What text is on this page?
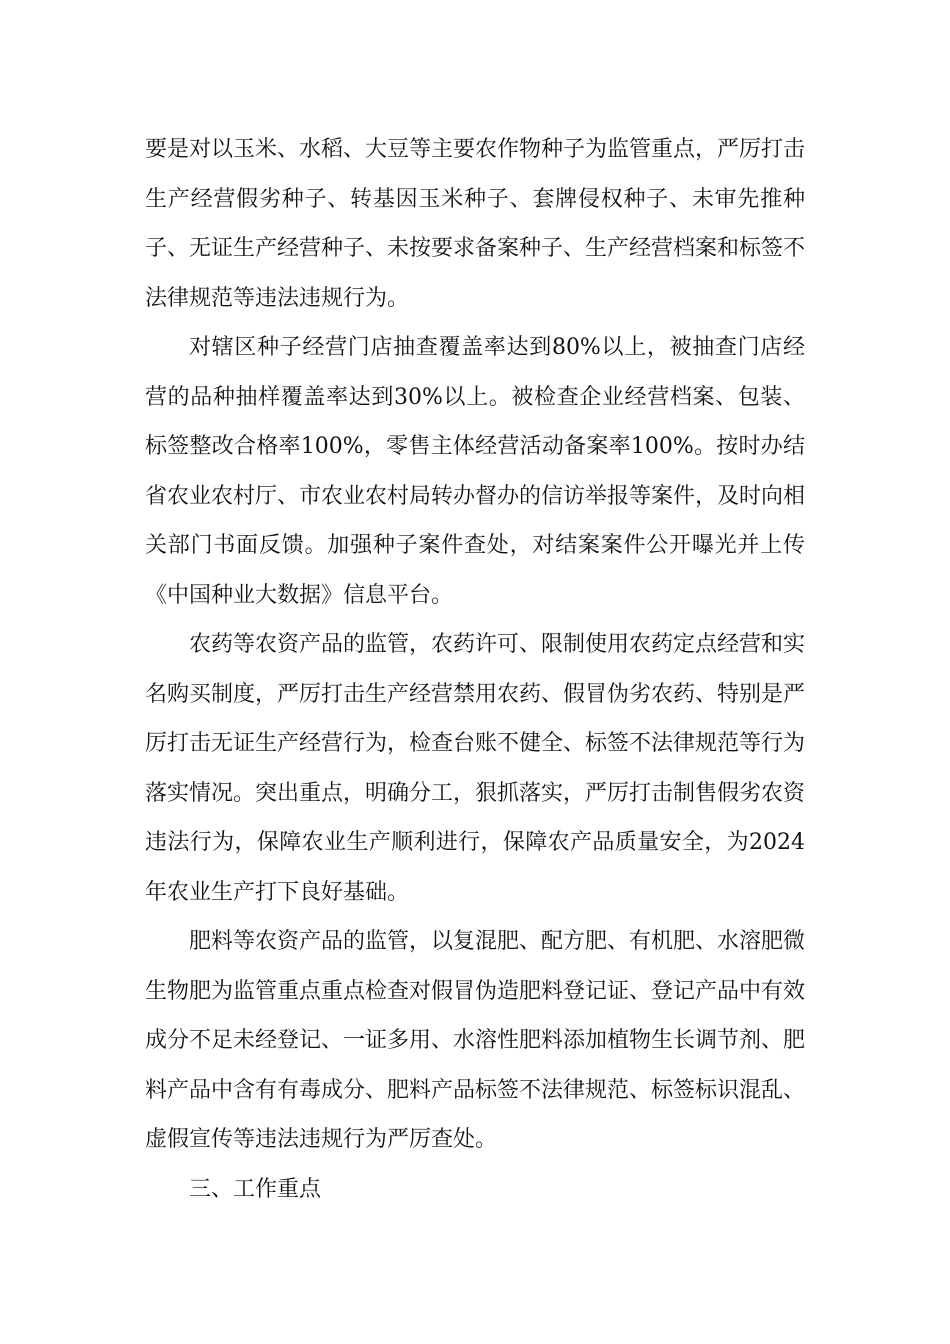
要是对以玉米、水稻、大豆等主要农作物种子为监管重点，严厉打击生产经营假劣种子、转基因玉米种子、套牌侵权种子、未审先推种子、无证生产经营种子、未按要求备案种子、生产经营档案和标签不法律规范等违法违规行为。

对辖区种子经营门店抽查覆盖率达到80%以上，被抽查门店经营的品种抽样覆盖率达到30%以上。被检查企业经营档案、包装、标签整改合格率100%，零售主体经营活动备案率100%。按时办结省农业农村厅、市农业农村局转办督办的信访举报等案件，及时向相关部门书面反馈。加强种子案件查处，对结案案件公开曝光并上传《中国种业大数据》信息平台。

农药等农资产品的监管，农药许可、限制使用农药定点经营和实名购买制度，严厉打击生产经营禁用农药、假冒伪劣农药、特别是严厉打击无证生产经营行为，检查台账不健全、标签不法律规范等行为落实情况。突出重点，明确分工，狠抓落实，严厉打击制售假劣农资违法行为，保障农业生产顺利进行，保障农产品质量安全，为2024年农业生产打下良好基础。

肥料等农资产品的监管，以复混肥、配方肥、有机肥、水溶肥微生物肥为监管重点重点检查对假冒伪造肥料登记证、登记产品中有效成分不足未经登记、一证多用、水溶性肥料添加植物生长调节剂、肥料产品中含有有毒成分、肥料产品标签不法律规范、标签标识混乱、虚假宣传等违法违规行为严厉查处。

三、工作重点
